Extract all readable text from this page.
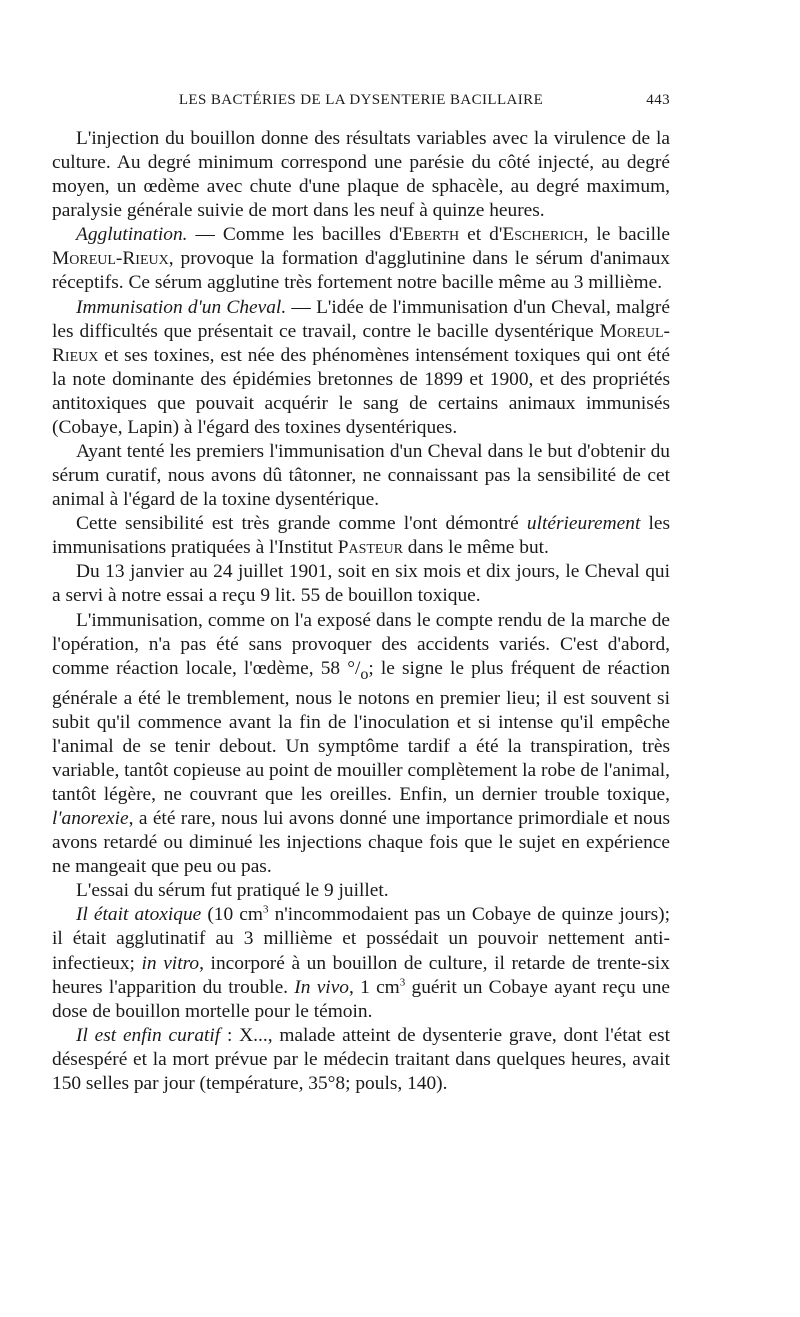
LES BACTÉRIES DE LA DYSENTERIE BACILLAIRE	443

L'injection du bouillon donne des résultats variables avec la virulence de la culture. Au degré minimum correspond une parésie du côté injecté, au degré moyen, un œdème avec chute d'une plaque de sphacèle, au degré maximum, paralysie générale suivie de mort dans les neuf à quinze heures.

Agglutination. — Comme les bacilles d'Eberth et d'Escherich, le bacille Moreul-Rieux, provoque la formation d'agglutinine dans le sérum d'animaux réceptifs. Ce sérum agglutine très fortement notre bacille même au 3 millième.

Immunisation d'un Cheval. — L'idée de l'immunisation d'un Cheval, malgré les difficultés que présentait ce travail, contre le bacille dysentérique Moreul-Rieux et ses toxines, est née des phénomènes intensément toxiques qui ont été la note dominante des épidémies bretonnes de 1899 et 1900, et des propriétés antitoxiques que pouvait acquérir le sang de certains animaux immunisés (Cobaye, Lapin) à l'égard des toxines dysentériques.

Ayant tenté les premiers l'immunisation d'un Cheval dans le but d'obtenir du sérum curatif, nous avons dû tâtonner, ne connaissant pas la sensibilité de cet animal à l'égard de la toxine dysentérique.

Cette sensibilité est très grande comme l'ont démontré ultérieurement les immunisations pratiquées à l'Institut Pasteur dans le même but.

Du 13 janvier au 24 juillet 1901, soit en six mois et dix jours, le Cheval qui a servi à notre essai a reçu 9 lit. 55 de bouillon toxique.

L'immunisation, comme on l'a exposé dans le compte rendu de la marche de l'opération, n'a pas été sans provoquer des accidents variés. C'est d'abord, comme réaction locale, l'œdème, 58 $^\circ/_o$; le signe le plus fréquent de réaction générale a été le tremblement, nous le notons en premier lieu; il est souvent si subit qu'il commence avant la fin de l'inoculation et si intense qu'il empêche l'animal de se tenir debout. Un symptôme tardif a été la transpiration, très variable, tantôt copieuse au point de mouiller complètement la robe de l'animal, tantôt légère, ne couvrant que les oreilles. Enfin, un dernier trouble toxique, l'anorexie, a été rare, nous lui avons donné une importance primordiale et nous avons retardé ou diminué les injections chaque fois que le sujet en expérience ne mangeait que peu ou pas.

L'essai du sérum fut pratiqué le 9 juillet.

Il était atoxique (10 $cm^3$ n'incommodaient pas un Cobaye de quinze jours); il était agglutinatif au 3 millième et possédait un pouvoir nettement anti-infectieux; in vitro, incorporé à un bouillon de culture, il retarde de trente-six heures l'apparition du trouble. In vivo, 1 $cm^3$ guérit un Cobaye ayant reçu une dose de bouillon mortelle pour le témoin.

Il est enfin curatif : X..., malade atteint de dysenterie grave, dont l'état est désespéré et la mort prévue par le médecin traitant dans quelques heures, avait 150 selles par jour (température, 35°8; pouls, 140).
